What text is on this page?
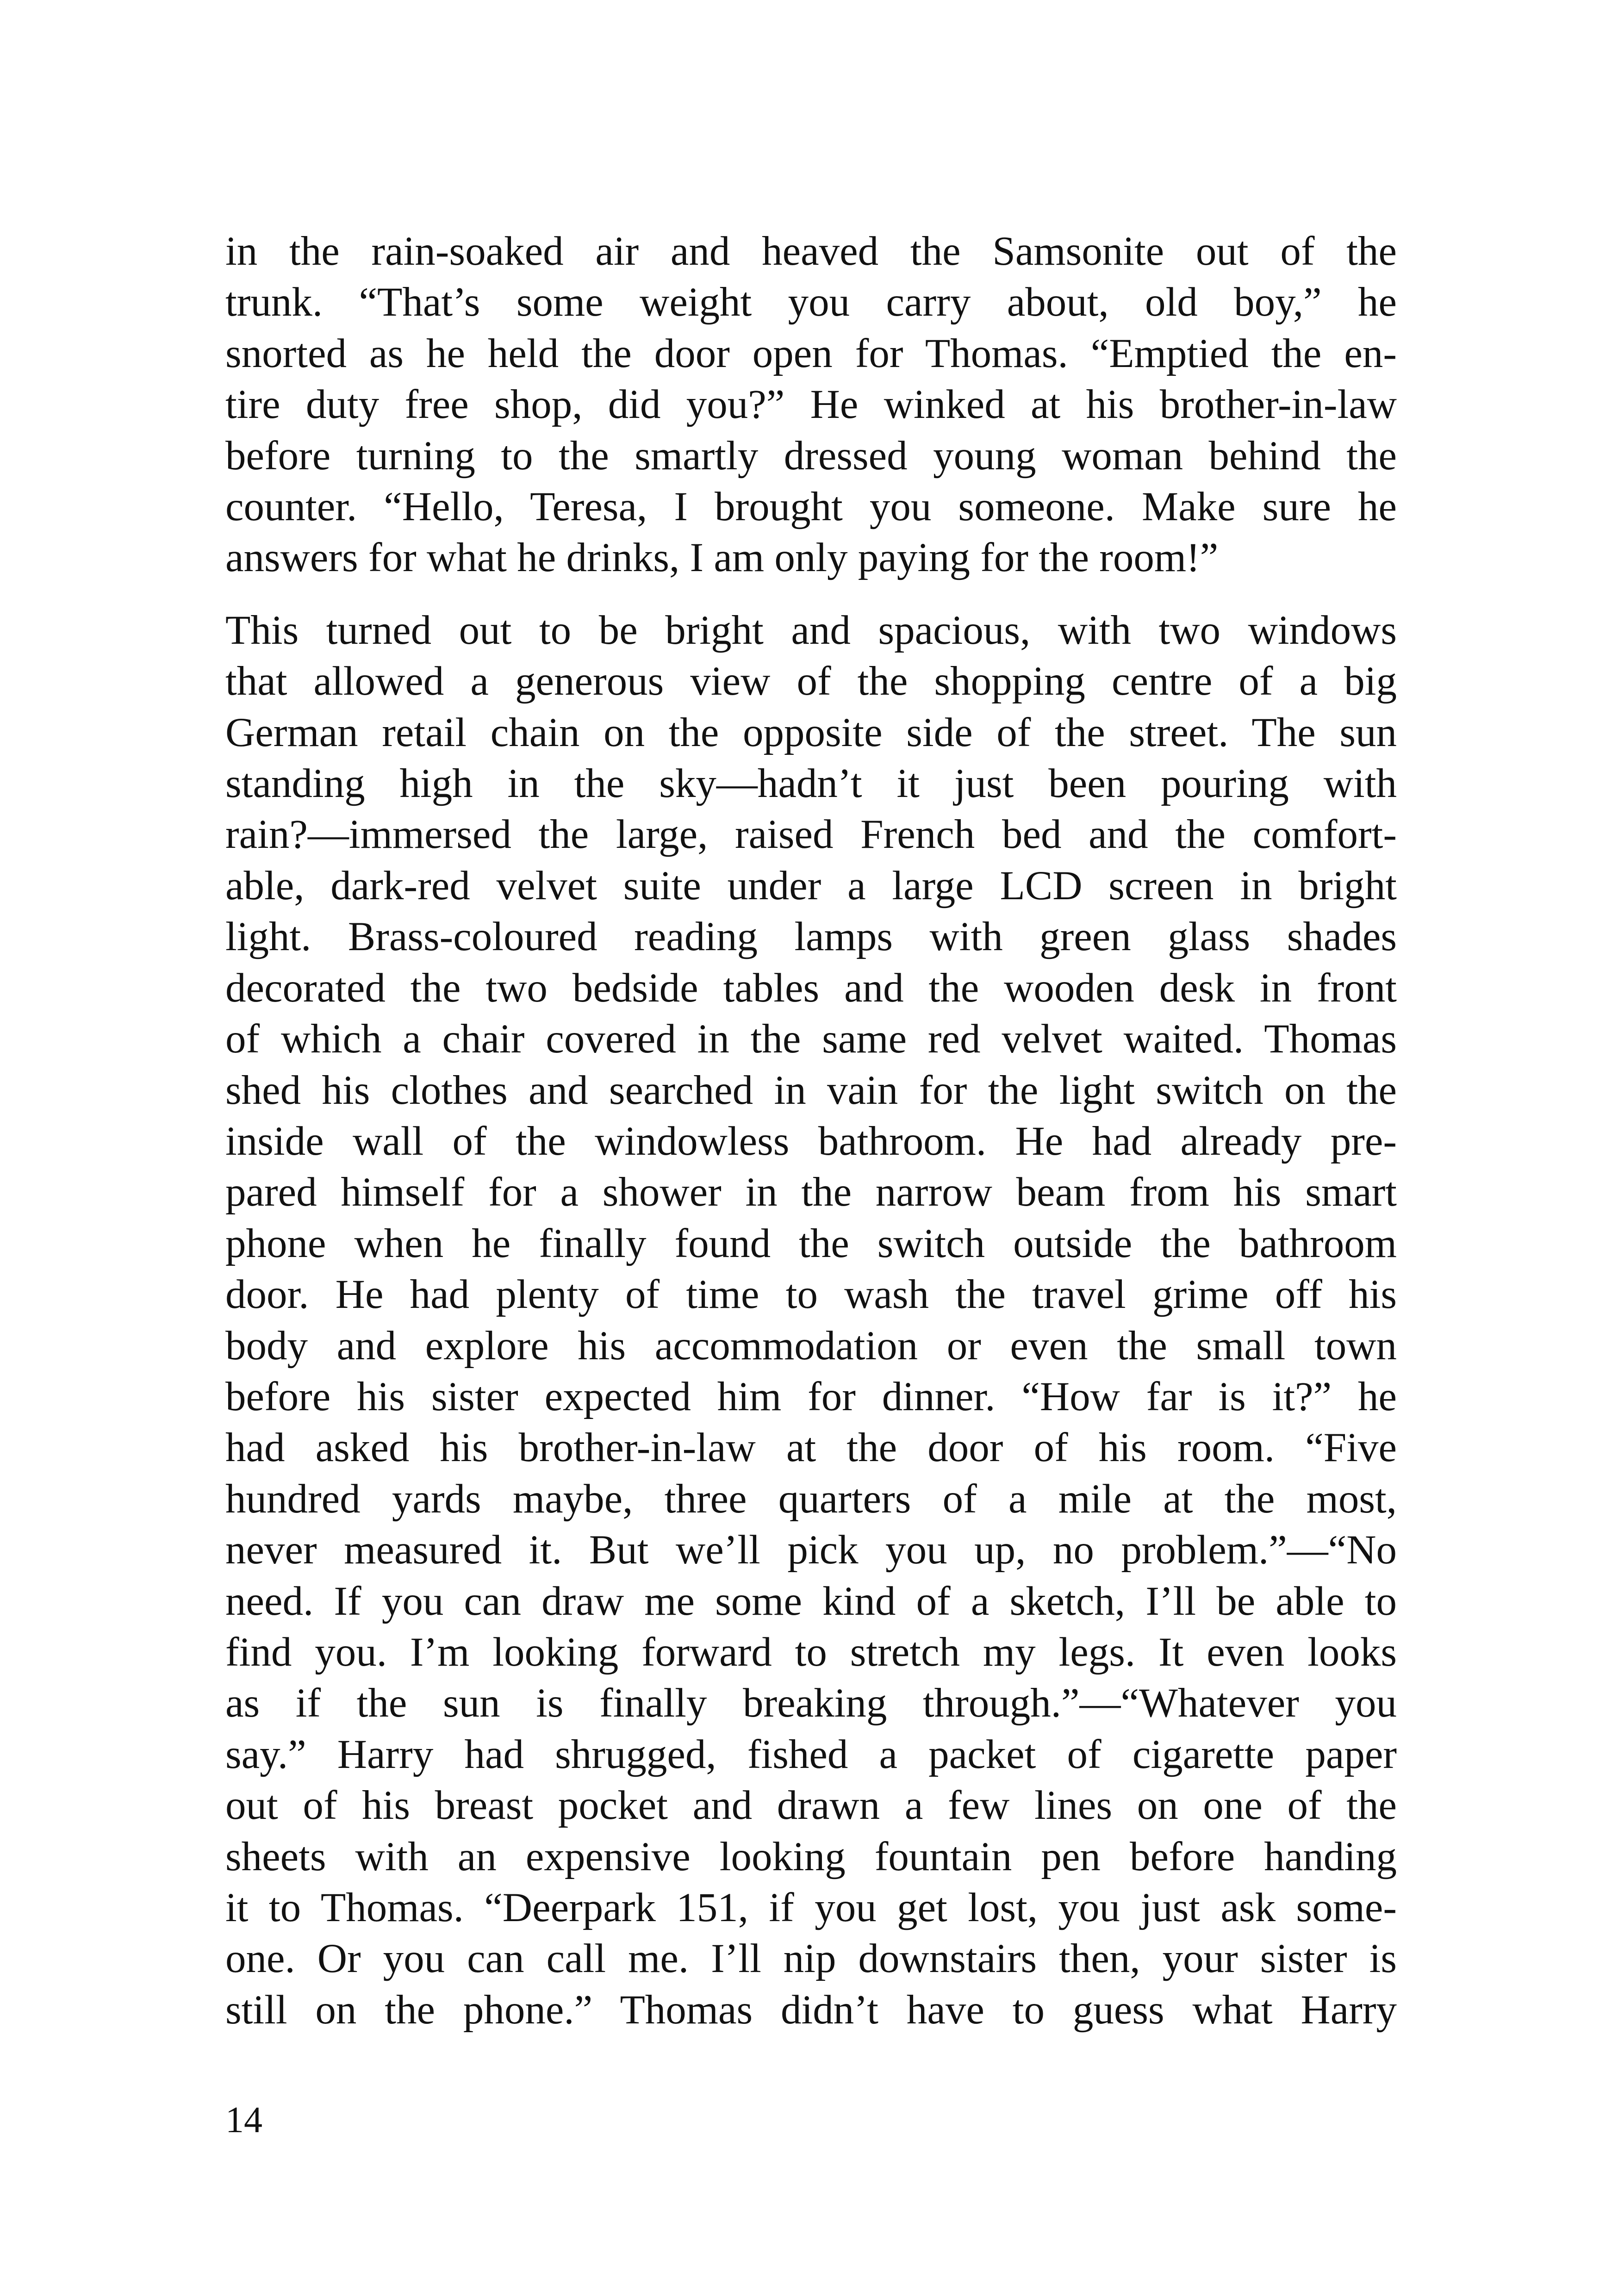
in the rain-soaked air and heaved the Samsonite out of the
trunk. “That’s some weight you carry about, old boy,” he
snorted as he held the door open for Thomas. “Emptied the en-
tire duty free shop, did you?” He winked at his brother-in-law
before turning to the smartly dressed young woman behind the
counter. “Hello, Teresa, I brought you someone. Make sure he
answers for what he drinks, I am only paying for the room!”

This turned out to be bright and spacious, with two windows
that allowed a generous view of the shopping centre of a big
German retail chain on the opposite side of the street. The sun
standing high in the sky—hadn’t it just been pouring with
rain?—immersed the large, raised French bed and the comfort-
able, dark-red velvet suite under a large LCD screen in bright
light. Brass-coloured reading lamps with green glass shades
decorated the two bedside tables and the wooden desk in front
of which a chair covered in the same red velvet waited. Thomas
shed his clothes and searched in vain for the light switch on the
inside wall of the windowless bathroom. He had already pre-
pared himself for a shower in the narrow beam from his smart
phone when he finally found the switch outside the bathroom
door. He had plenty of time to wash the travel grime off his
body and explore his accommodation or even the small town
before his sister expected him for dinner. “How far is it?” he
had asked his brother-in-law at the door of his room. “Five
hundred yards maybe, three quarters of a mile at the most,
never measured it. But we’ll pick you up, no problem.”—“No
need. If you can draw me some kind of a sketch, I’ll be able to
find you. I’m looking forward to stretch my legs. It even looks
as if the sun is finally breaking through.”—“Whatever you
say.” Harry had shrugged, fished a packet of cigarette paper
out of his breast pocket and drawn a few lines on one of the
sheets with an expensive looking fountain pen before handing
it to Thomas. “Deerpark 151, if you get lost, you just ask some-
one. Or you can call me. I’ll nip downstairs then, your sister is
still on the phone.” Thomas didn’t have to guess what Harry

14
